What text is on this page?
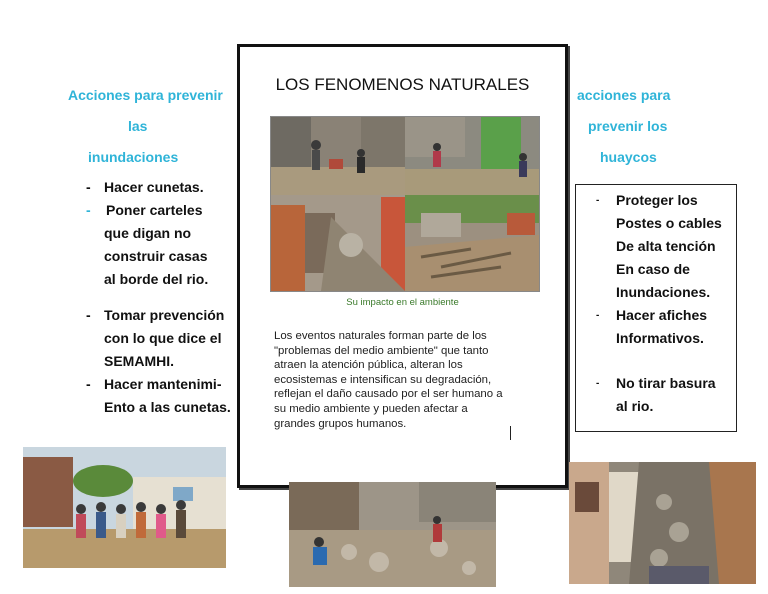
Acciones para prevenir
las
inundaciones
- Hacer cunetas.
- Poner carteles
que digan no
construir casas
al borde del rio.
- Tomar prevención
con lo que dice el
SEMAMHI.
- Hacer mantenimi-
Ento a las cunetas.
LOS FENOMENOS NATURALES
Su impacto en el ambiente
Los eventos naturales forman parte de los
"problemas del medio ambiente" que tanto
atraen la atención pública, alteran los
ecosistemas e intensifican su degradación,
reflejan el daño causado por el ser humano a
su medio ambiente y pueden afectar a
grandes grupos humanos.
acciones para
prevenir los
huaycos
- Proteger los
Postes o cables
De alta tención
En caso de
Inundaciones.
- Hacer afiches
Informativos.
- No tirar basura
al rio.
